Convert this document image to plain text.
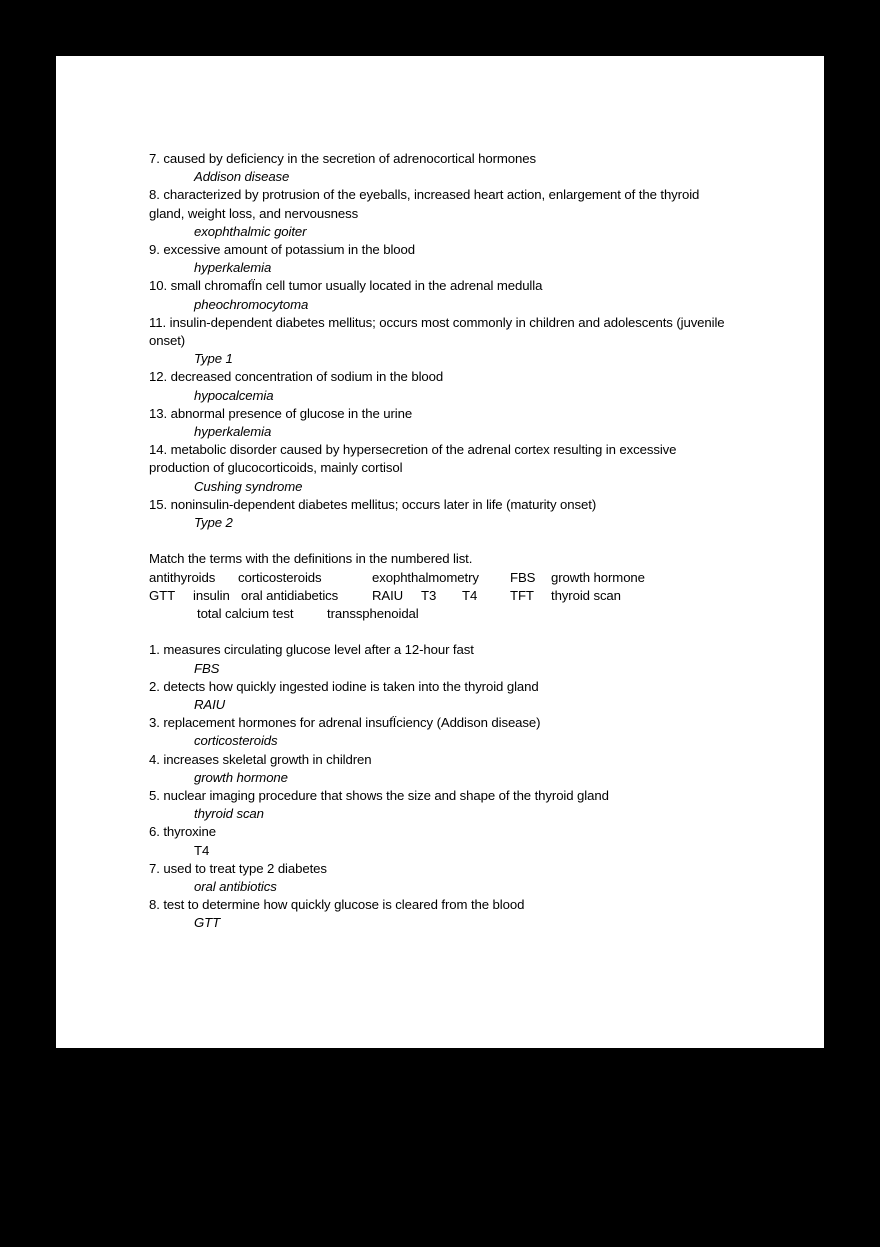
7. caused by deficiency in the secretion of adrenocortical hormones

Addison disease

8. characterized by protrusion of the eyeballs, increased heart action, enlargement of the thyroid gland, weight loss, and nervousness

exophthalmic goiter

9. excessive amount of potassium in the blood

hyperkalemia

10. small chromafÏn cell tumor usually located in the adrenal medulla

pheochromocytoma

11. insulin-dependent diabetes mellitus; occurs most commonly in children and adolescents (juvenile onset)

Type 1

12. decreased concentration of sodium in the blood

hypocalcemia

13. abnormal presence of glucose in the urine

hyperkalemia

14. metabolic disorder caused by hypersecretion of the adrenal cortex resulting in excessive production of glucocorticoids, mainly cortisol

Cushing syndrome

15. noninsulin-dependent diabetes mellitus; occurs later in life (maturity onset)

Type 2

Match the terms with the definitions in the numbered list.

antithyroids corticosteroids	exophthalmometry FBS growth hormone
GTT insulin oral antidiabetics	RAIU T3 T4 TFT thyroid scan
total calcium test	transsphenoidal

1. measures circulating glucose level after a 12-hour fast

FBS

2. detects how quickly ingested iodine is taken into the thyroid gland

RAIU

3. replacement hormones for adrenal insufÏciency (Addison disease)

corticosteroids

4. increases skeletal growth in children

growth hormone

5. nuclear imaging procedure that shows the size and shape of the thyroid gland

thyroid scan

6. thyroxine

T4

7. used to treat type 2 diabetes

oral antibiotics

8. test to determine how quickly glucose is cleared from the blood

GTT
